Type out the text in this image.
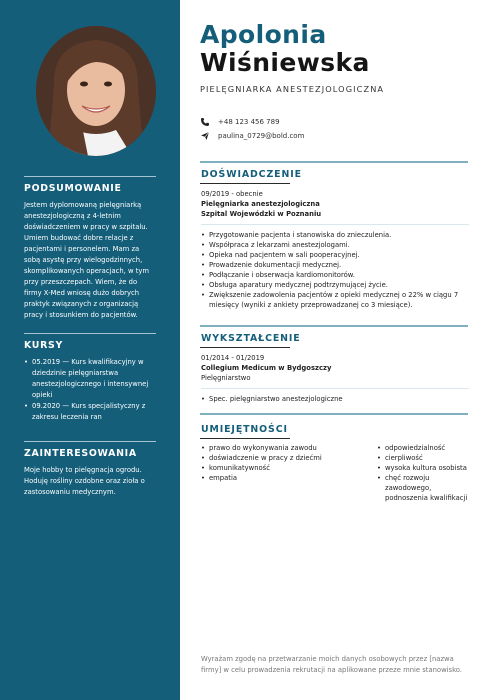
PODSUMOWANIE

Jestem dyplomowaną pielęgniarką
anestezjologiczną z 4-letnim
doświadczeniem w pracy w szpitalu.
Umiem budować dobre relacje z
pacjentami i personelem. Mam za
sobą asystę przy wielogodzinnych,
skomplikowanych operacjach, w tym
przy przeszczepach. Wiem, że do
firmy X-Med wniosę dużo dobrych
praktyk związanych z organizacją
pracy i stosunkiem do pacjentów.

KURSY
• 05.2019 — Kurs kwalifikacyjny w
dziedzinie pielęgniarstwa
anestezjologicznego i intensywnej
opieki
• 09.2020 — Kurs specjalistyczny z
zakresu leczenia ran
ZAINTERESOWANIA

Moje hobby to pielęgnacja ogrodu.
Hoduję rośliny ozdobne oraz zioła o
zastosowaniu medycznym.

Apolonia
Wiśniewska
PIELĘGNIARKA ANESTEZJOLOGICZNA
+48 123 456 789
paulina_0729@bold.com
DOŚWIADCZENIE

09/2019 - obecnie

Pielęgniarka anestezjologiczna

Szpital Wojewódzki w Poznaniu

• Przygotowanie pacjenta i stanowiska do znieczulenia.
• Współpraca z lekarzami anestezjologami.
• Opieka nad pacjentem w sali pooperacyjnej.
• Prowadzenie dokumentacji medycznej.
• Podłączanie i obserwacja kardiomonitorów.
• Obsługa aparatury medycznej podtrzymującej życie.
• Zwiększenie zadowolenia pacjentów z opieki medycznej o 22% w ciągu 7
miesięcy (wyniki z ankiety przeprowadzanej co 3 miesiące).
WYKSZTAŁCENIE

01/2014 - 01/2019

Collegium Medicum w Bydgoszczy

Pielęgniarstwo

• Spec. pielęgniarstwo anestezjologiczne
UMIEJĘTNOŚCI
• prawo do wykonywania zawodu
• doświadczenie w pracy z dziećmi
• komunikatywność
• empatia
• odpowiedzialność
• cierpliwość
• wysoka kultura osobista
• chęć rozwoju
zawodowego,
podnoszenia kwalifikacji
Wyrażam zgodę na przetwarzanie moich danych osobowych przez [nazwa
firmy] w celu prowadzenia rekrutacji na aplikowane przeze mnie stanowisko.
